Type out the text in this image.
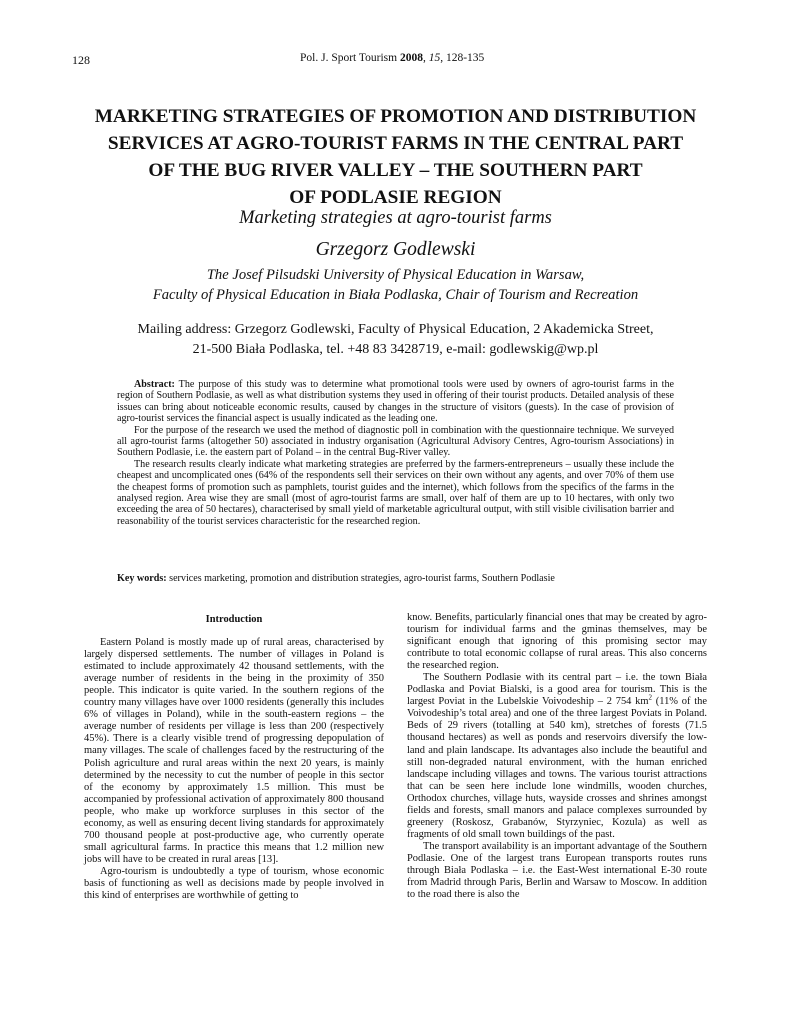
128	Pol. J. Sport Tourism 2008, 15, 128-135
MARKETING STRATEGIES OF PROMOTION AND DISTRIBUTION
SERVICES AT AGRO-TOURIST FARMS IN THE CENTRAL PART
OF THE BUG RIVER VALLEY – THE SOUTHERN PART
OF PODLASIE REGION

Marketing strategies at agro-tourist farms

Grzegorz Godlewski

The Josef Pilsudski University of Physical Education in Warsaw,
Faculty of Physical Education in Biała Podlaska, Chair of Tourism and Recreation

Mailing address: Grzegorz Godlewski, Faculty of Physical Education, 2 Akademicka Street,
21-500 Biała Podlaska, tel. +48 83 3428719, e-mail: godlewskig@wp.pl

Abstract: The purpose of this study was to determine what promotional tools were used by owners of agro-tourist farms in the region of Southern Podlasie, as well as what distribution systems they used in offering of their tourist products. Detailed analysis of these issues can bring about noticeable economic results, caused by changes in the structure of visitors (guests). In the case of provision of agro-tourist services the financial aspect is usually indicated as the leading one.

For the purpose of the research we used the method of diagnostic poll in combination with the questionnaire technique. We surveyed all agro-tourist farms (altogether 50) associated in industry organisation (Agricultural Advisory Centres, Agro-tourism Associations) in Southern Podlasie, i.e. the eastern part of Poland – in the central Bug-River valley.

The research results clearly indicate what marketing strategies are preferred by the farmers-entrepreneurs – usually these include the cheapest and uncomplicated ones (64% of the respondents sell their services on their own without any agents, and over 70% of them use the cheapest forms of promotion such as pamphlets, tourist guides and the internet), which follows from the specifics of the farms in the analysed region. Area wise they are small (most of agro-tourist farms are small, over half of them are up to 10 hectares, with only two exceeding the area of 50 hectares), characterised by small yield of marketable agricultural output, with still visible civilisation barrier and reasonability of the tourist services characteristic for the researched region.

Key words: services marketing, promotion and distribution strategies, agro-tourist farms, Southern Podlasie
Introduction

Eastern Poland is mostly made up of rural areas, characterised by largely dispersed settlements. The number of villages in Poland is estimated to include approximately 42 thousand settlements, with the average number of residents in the being in the proximity of 350 people. This indicator is quite varied. In the southern regions of the country many villages have over 1000 residents (generally this includes 6% of villages in Poland), while in the south-eastern regions – the average number of residents per village is less than 200 (respectively 45%). There is a clearly visible trend of progressing depopulation of many villages. The scale of challenges faced by the restructuring of the Polish agriculture and rural areas within the next 20 years, is mainly determined by the necessity to cut the number of people in this sector of the economy by approximately 1.5 million. This must be accompanied by professional activation of approximately 800 thousand people, who make up workforce surpluses in this sector of the economy, as well as ensuring decent living standards for approximately 700 thousand people at post-productive age, who currently operate small agricultural farms. In practice this means that 1.2 million new jobs will have to be created in rural areas [13].

Agro-tourism is undoubtedly a type of tourism, whose economic basis of functioning as well as decisions made by people involved in this kind of enterprises are worthwhile of getting to

know. Benefits, particularly financial ones that may be created by agro-tourism for individual farms and the gminas themselves, may be significant enough that ignoring of this promising sector may contribute to total economic collapse of rural areas. This also concerns the researched region.

The Southern Podlasie with its central part – i.e. the town Biała Podlaska and Poviat Bialski, is a good area for tourism. This is the largest Poviat in the Lubelskie Voivodeship – 2 754 $km^2$ (11% of the Voivodeship’s total area) and one of the three largest Poviats in Poland. Beds of 29 rivers (totalling at 540 km), stretches of forests (71.5 thousand hectares) as well as ponds and reservoirs diversify the low-land and plain landscape. Its advantages also include the beautiful and still non-degraded natural environment, with the human enriched landscape including villages and towns. The various tourist attractions that can be seen here include lone windmills, wooden churches, Orthodox churches, village huts, wayside crosses and shrines amongst fields and forests, small manors and palace complexes surrounded by greenery (Roskosz, Grabanów, Styrzyniec, Kozula) as well as fragments of old small town buildings of the past.

The transport availability is an important advantage of the Southern Podlasie. One of the largest trans European transports routes runs through Biała Podlaska – i.e. the East-West international E-30 route from Madrid through Paris, Berlin and Warsaw to Moscow. In addition to the road there is also the
